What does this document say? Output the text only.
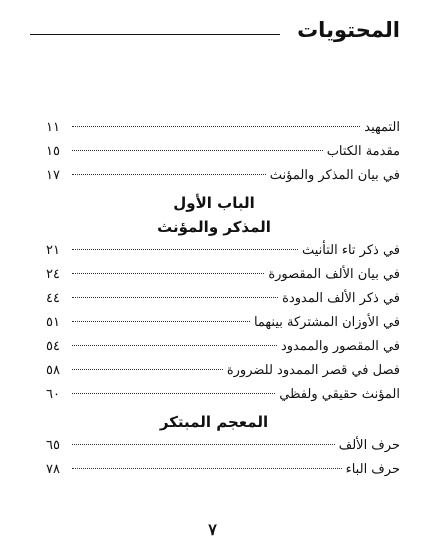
المحتويات
التمهيد
١١
مقدمة الكتاب
١٥
في بيان المذكر والمؤنث
١٧
الباب الأول
المذكر والمؤنث
في ذكر تاء التأنيث
٢١
في بيان الألف المقصورة
٢٤
في ذكر الألف المدودة
٤٤
في الأوزان المشتركة بينهما
٥١
في المقصور والممدود
٥٤
فصل في قصر الممدود للضرورة
٥٨
المؤنث حقيقي ولفظي
٦٠
المعجم المبتكر
حرف الألف
٦٥
حرف الباء
٧٨
٧
